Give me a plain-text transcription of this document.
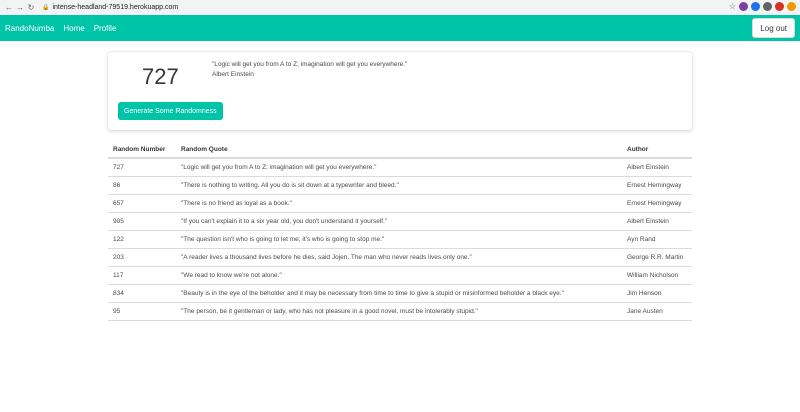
← → ↻ 🔒 intense-headland-79519.herokuapp.com	☆
RandoNumba Home Profile	Log out
727	"Logic will get you from A to Z; imagination will get you everywhere."
Albert Einstein
Generate Some Randomness
Random Number	Random Quote	Author
727	"Logic will get you from A to Z; imagination will get you everywhere."	Albert Einstein
86	"There is nothing to writing. All you do is sit down at a typewriter and bleed."	Ernest Hemingway
657	"There is no friend as loyal as a book."	Ernest Hemingway
905	"If you can't explain it to a six year old, you don't understand it yourself."	Albert Einstein
122	"The question isn't who is going to let me; it's who is going to stop me."	Ayn Rand
203	"A reader lives a thousand lives before he dies, said Jojen. The man who never reads lives only one."	George R.R. Martin
117	"We read to know we're not alone."	William Nicholson
834	"Beauty is in the eye of the beholder and it may be necessary from time to time to give a stupid or misinformed beholder a black eye."	Jim Henson
95	"The person, be it gentleman or lady, who has not pleasure in a good novel, must be intolerably stupid."	Jane Austen
